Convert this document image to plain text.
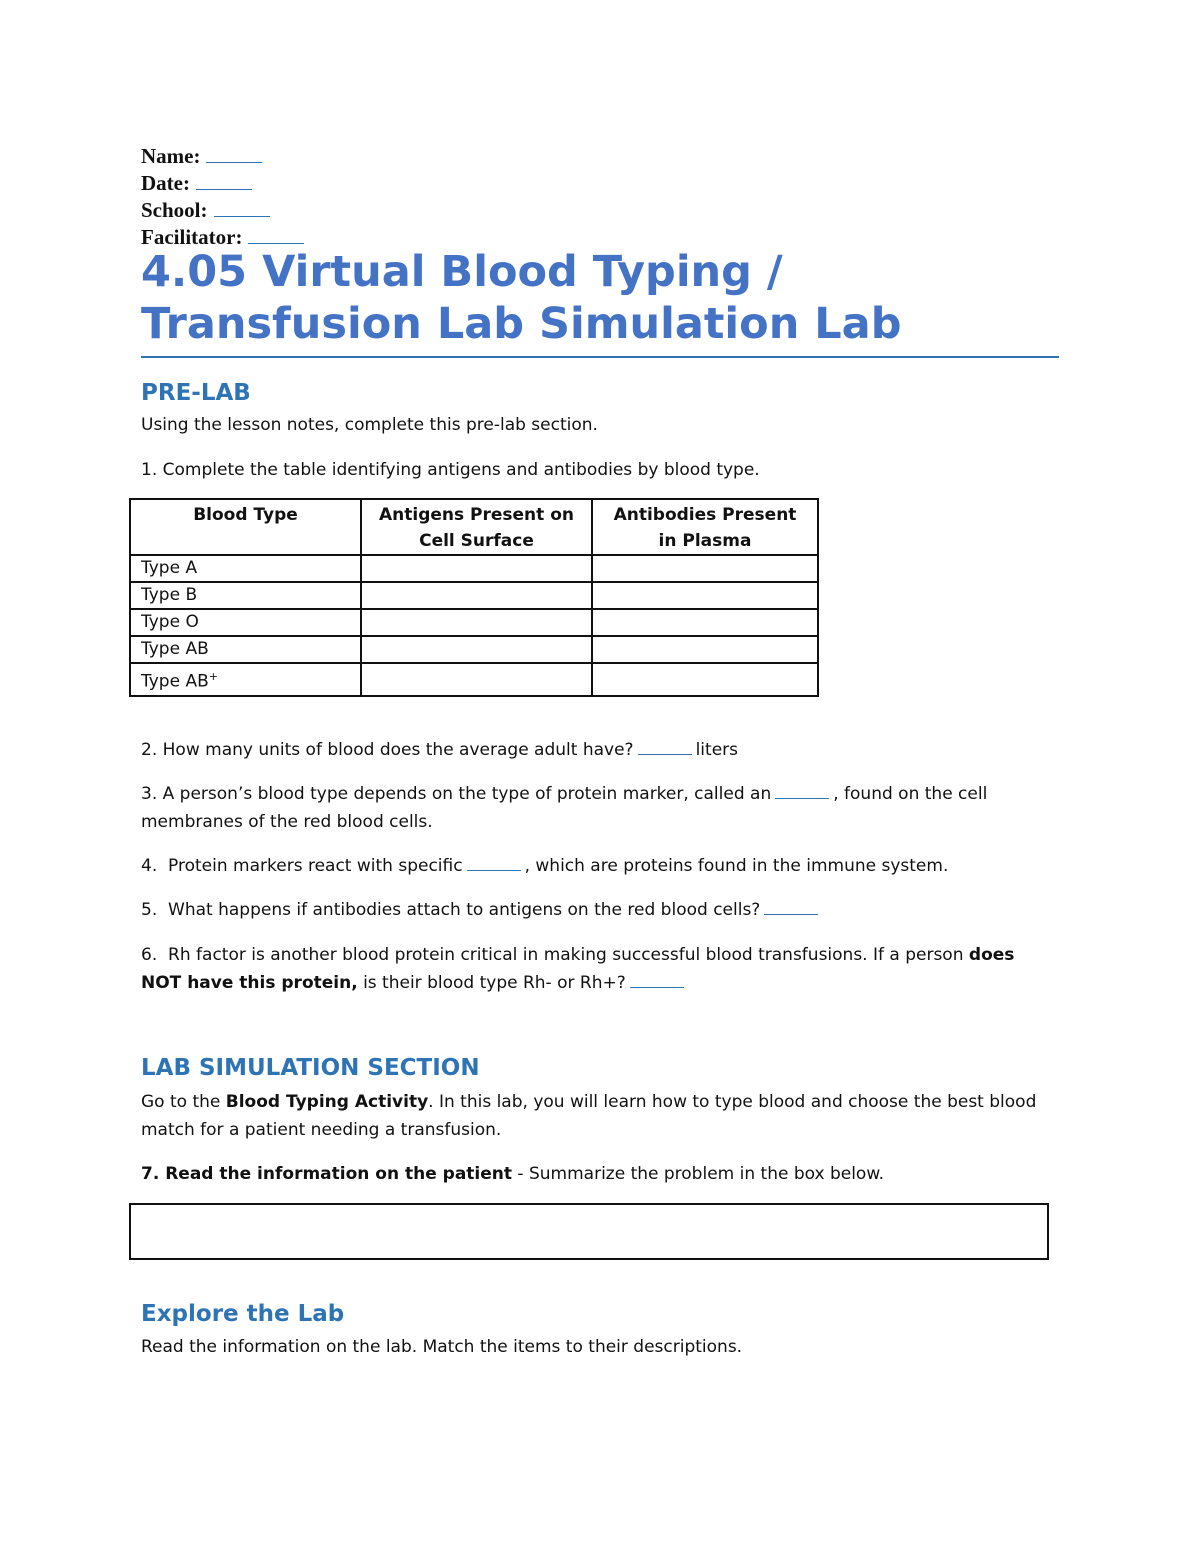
Name:
Date:
School:
Facilitator:
4.05 Virtual Blood Typing /
Transfusion Lab Simulation Lab
PRE-LAB

Using the lesson notes, complete this pre-lab section.

1. Complete the table identifying antigens and antibodies by blood type.

Blood Type	Antigens Present on Cell Surface	Antibodies Present in Plasma
Type A		
Type B		
Type O		
Type AB		
Type AB+		

2. How many units of blood does the average adult have?	liters

3. A person’s blood type depends on the type of protein marker, called an	, found on the cell membranes of the red blood cells.

4. Protein markers react with specific	, which are proteins found in the immune system.

5. What happens if antibodies attach to antigens on the red blood cells?

6. Rh factor is another blood protein critical in making successful blood transfusions. If a person does NOT have this protein, is their blood type Rh- or Rh+?

LAB SIMULATION SECTION

Go to the Blood Typing Activity. In this lab, you will learn how to type blood and choose the best blood match for a patient needing a transfusion.

7. Read the information on the patient - Summarize the problem in the box below.

Explore the Lab

Read the information on the lab. Match the items to their descriptions.
